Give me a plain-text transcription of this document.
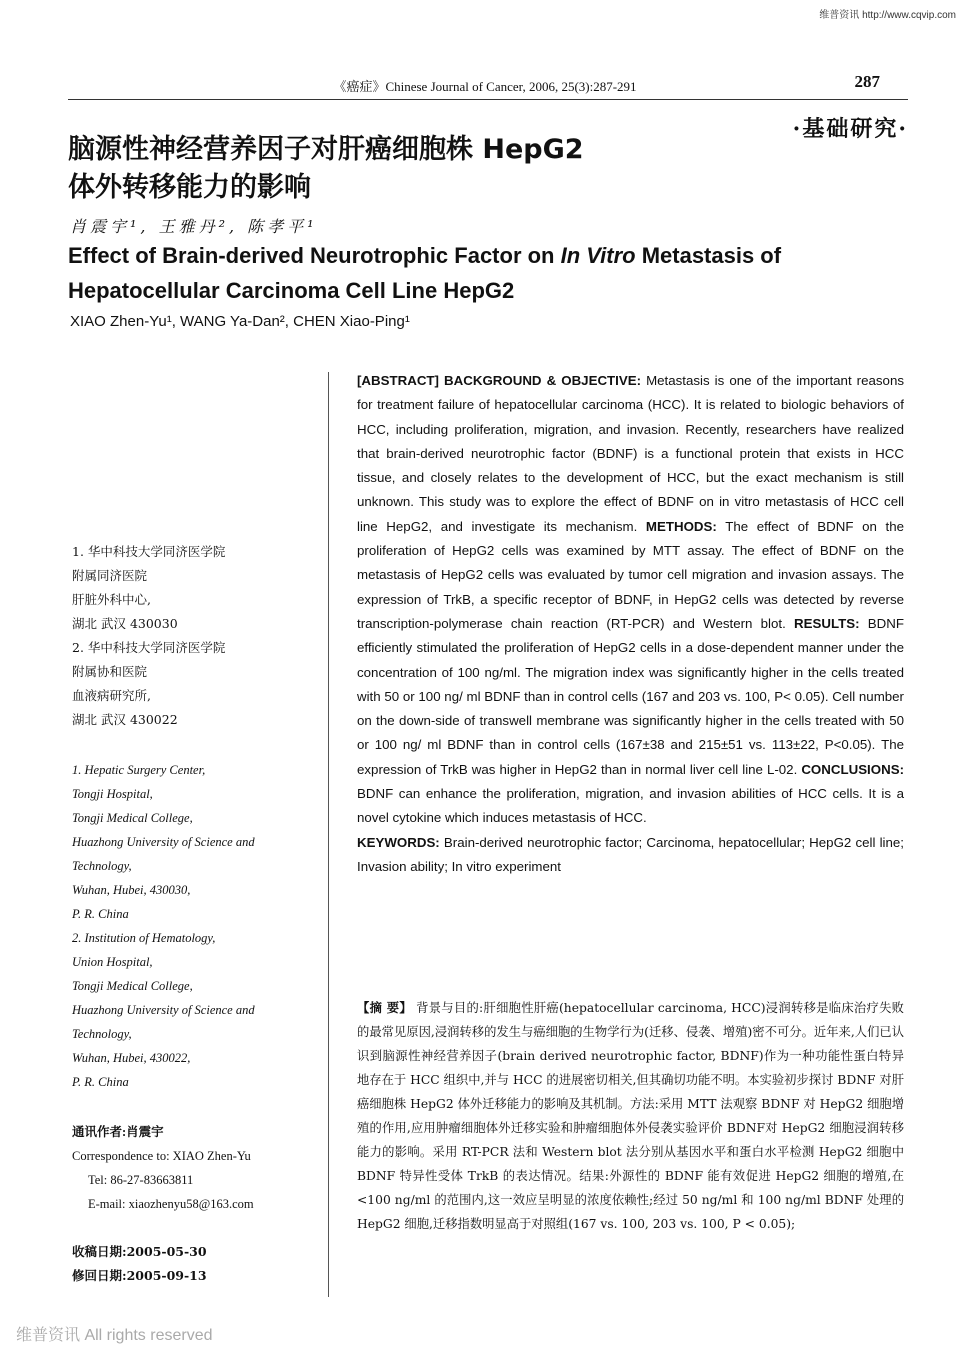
维普资讯 http://www.cqvip.com
《癌症》Chinese Journal of Cancer, 2006, 25(3):287-291	287
·基础研究·
脑源性神经营养因子对肝癌细胞株 HepG2
体外转移能力的影响
肖震宇¹, 王雅丹², 陈孝平¹
Effect of Brain-derived Neurotrophic Factor on In Vitro Metastasis of
Hepatocellular Carcinoma Cell Line HepG2
XIAO Zhen-Yu¹, WANG Ya-Dan², CHEN Xiao-Ping¹
[ABSTRACT] BACKGROUND & OBJECTIVE: Metastasis is one of the important reasons for treatment failure of hepatocellular carcinoma (HCC). It is related to biologic behaviors of HCC, including proliferation, migration, and invasion. Recently, researchers have realized that brain-derived neurotrophic factor (BDNF) is a functional protein that exists in HCC tissue, and closely relates to the development of HCC, but the exact mechanism is still unknown. This study was to explore the effect of BDNF on in vitro metastasis of HCC cell line HepG2, and investigate its mechanism. METHODS: The effect of BDNF on the proliferation of HepG2 cells was examined by MTT assay. The effect of BDNF on the metastasis of HepG2 cells was evaluated by tumor cell migration and invasion assays. The expression of TrkB, a specific receptor of BDNF, in HepG2 cells was detected by reverse transcription-polymerase chain reaction (RT-PCR) and Western blot. RESULTS: BDNF efficiently stimulated the proliferation of HepG2 cells in a dose-dependent manner under the concentration of 100 ng/ml. The migration index was significantly higher in the cells treated with 50 or 100 ng/ ml BDNF than in control cells (167 and 203 vs. 100, P< 0.05). Cell number on the down-side of transwell membrane was significantly higher in the cells treated with 50 or 100 ng/ ml BDNF than in control cells (167±38 and 215±51 vs. 113±22, P<0.05). The expression of TrkB was higher in HepG2 than in normal liver cell line L-02. CONCLUSIONS: BDNF can enhance the proliferation, migration, and invasion abilities of HCC cells. It is a novel cytokine which induces metastasis of HCC.
KEYWORDS: Brain-derived neurotrophic factor; Carcinoma, hepatocellular; HepG2 cell line; Invasion ability; In vitro experiment
【摘 要】 背景与目的:肝细胞性肝癌(hepatocellular carcinoma, HCC)浸润转移是临床治疗失败的最常见原因,浸润转移的发生与癌细胞的生物学行为(迁移、侵袭、增殖)密不可分。近年来,人们已认识到脑源性神经营养因子(brain derived neurotrophic factor, BDNF)作为一种功能性蛋白特异地存在于 HCC 组织中,并与 HCC 的进展密切相关,但其确切功能不明。本实验初步探讨 BDNF 对肝癌细胞株 HepG2 体外迁移能力的影响及其机制。方法:采用 MTT 法观察 BDNF 对 HepG2 细胞增殖的作用,应用肿瘤细胞体外迁移实验和肿瘤细胞体外侵袭实验评价 BDNF对 HepG2 细胞浸润转移能力的影响。采用 RT-PCR 法和 Western blot 法分别从基因水平和蛋白水平检测 HepG2 细胞中 BDNF 特异性受体 TrkB 的表达情况。结果:外源性的 BDNF 能有效促进 HepG2 细胞的增殖,在<100 ng/ml 的范围内,这一效应呈明显的浓度依赖性;经过 50 ng/ml 和 100 ng/ml BDNF 处理的 HepG2 细胞,迁移指数明显高于对照组(167 vs. 100, 203 vs. 100, P < 0.05);
1. 华中科技大学同济医学院
附属同济医院
肝脏外科中心,
湖北 武汉 430030
2. 华中科技大学同济医学院
附属协和医院
血液病研究所,
湖北 武汉 430022
1. Hepatic Surgery Center,
Tongji Hospital,
Tongji Medical College,
Huazhong University of Science and
Technology,
Wuhan, Hubei, 430030,
P. R. China
2. Institution of Hematology,
Union Hospital,
Tongji Medical College,
Huazhong University of Science and
Technology,
Wuhan, Hubei, 430022,
P. R. China
通讯作者:肖震宇
Correspondence to: XIAO Zhen-Yu
Tel: 86-27-83663811
E-mail: xiaozhenyu58@163.com
收稿日期:2005-05-30
修回日期:2005-09-13
维普资讯 All rights reserved
